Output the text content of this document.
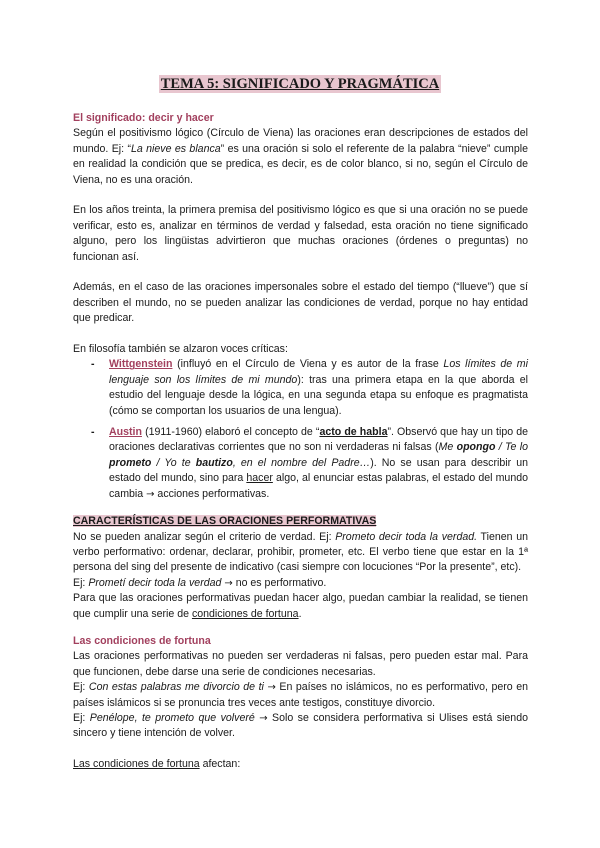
TEMA 5: SIGNIFICADO Y PRAGMÁTICA

El significado: decir y hacer

Según el positivismo lógico (Círculo de Viena) las oraciones eran descripciones de estados del mundo. Ej: “La nieve es blanca” es una oración si solo el referente de la palabra “nieve” cumple en realidad la condición que se predica, es decir, es de color blanco, si no, según el Círculo de Viena, no es una oración.

En los años treinta, la primera premisa del positivismo lógico es que si una oración no se puede verificar, esto es, analizar en términos de verdad y falsedad, esta oración no tiene significado alguno, pero los lingüistas advirtieron que muchas oraciones (órdenes o preguntas) no funcionan así.

Además, en el caso de las oraciones impersonales sobre el estado del tiempo (“llueve”) que sí describen el mundo, no se pueden analizar las condiciones de verdad, porque no hay entidad que predicar.

En filosofía también se alzaron voces críticas:

- Wittgenstein (influyó en el Círculo de Viena y es autor de la frase Los límites de mi lenguaje son los límites de mi mundo): tras una primera etapa en la que aborda el estudio del lenguaje desde la lógica, en una segunda etapa su enfoque es pragmatista (cómo se comportan los usuarios de una lengua).
- Austin (1911-1960) elaboró el concepto de “acto de habla”. Observó que hay un tipo de oraciones declarativas corrientes que no son ni verdaderas ni falsas (Me opongo / Te lo prometo / Yo te bautizo, en el nombre del Padre…). No se usan para describir un estado del mundo, sino para hacer algo, al enunciar estas palabras, el estado del mundo cambia → acciones performativas.

CARACTERÍSTICAS DE LAS ORACIONES PERFORMATIVAS

No se pueden analizar según el criterio de verdad. Ej: Prometo decir toda la verdad. Tienen un verbo performativo: ordenar, declarar, prohibir, prometer, etc. El verbo tiene que estar en la 1ª persona del sing del presente de indicativo (casi siempre con locuciones “Por la presente”, etc).

Ej: Prometí decir toda la verdad → no es performativo.

Para que las oraciones performativas puedan hacer algo, puedan cambiar la realidad, se tienen que cumplir una serie de condiciones de fortuna.

Las condiciones de fortuna

Las oraciones performativas no pueden ser verdaderas ni falsas, pero pueden estar mal. Para que funcionen, debe darse una serie de condiciones necesarias.

Ej: Con estas palabras me divorcio de ti → En países no islámicos, no es performativo, pero en países islámicos si se pronuncia tres veces ante testigos, constituye divorcio.

Ej: Penélope, te prometo que volveré → Solo se considera performativa si Ulises está siendo sincero y tiene intención de volver.

Las condiciones de fortuna afectan:
